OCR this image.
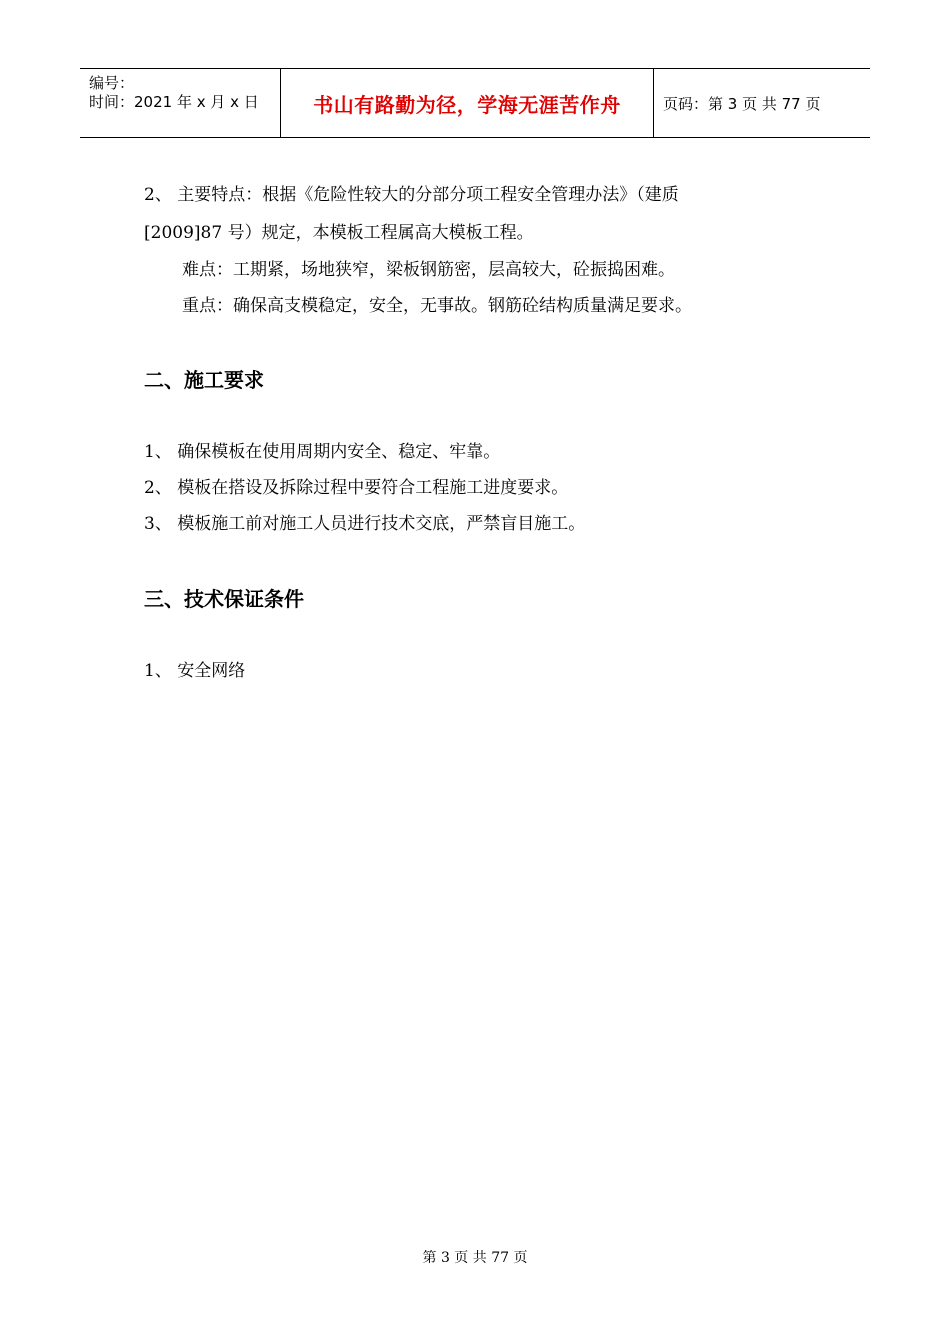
编号：
时间：2021 年 x 月 x 日	书山有路勤为径，学海无涯苦作舟	页码：第 3 页 共 77 页
2、 主要特点：根据《危险性较大的分部分项工程安全管理办法》（建质
[2009]87 号）规定，本模板工程属高大模板工程。
难点：工期紧，场地狭窄，梁板钢筋密，层高较大，砼振捣困难。
重点：确保高支模稳定，安全，无事故。钢筋砼结构质量满足要求。
二、施工要求
1、 确保模板在使用周期内安全、稳定、牢靠。
2、 模板在搭设及拆除过程中要符合工程施工进度要求。
3、 模板施工前对施工人员进行技术交底，严禁盲目施工。
三、技术保证条件
1、 安全网络
第 3 页 共 77 页
